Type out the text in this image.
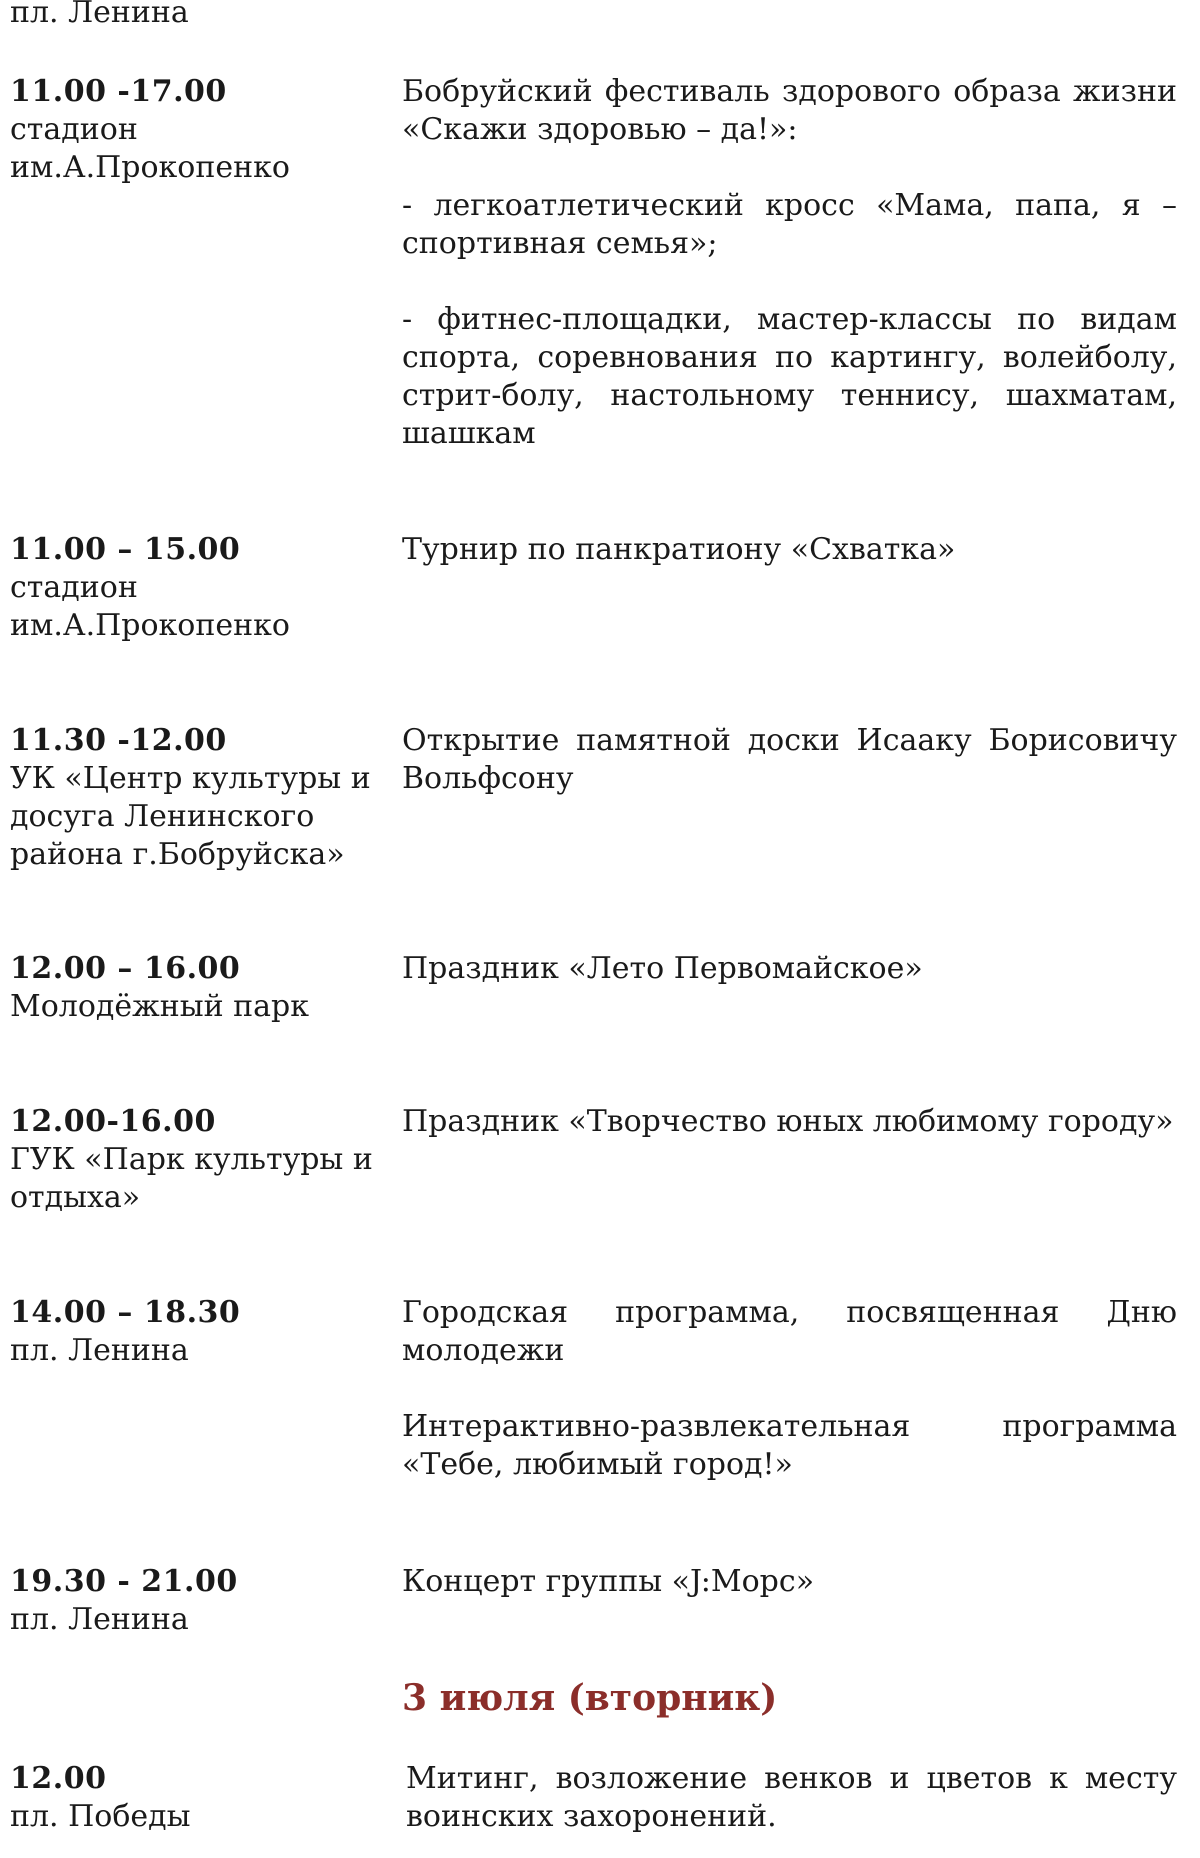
пл. Ленина
11.00 -17.00
стадион им.А.Прокопенко

Бобруйский фестиваль здорового образа жизни «Скажи здоровью – да!»:

- легкоатлетический кросс «Мама, папа, я – спортивная семья»;

- фитнес-площадки, мастер-классы по видам спорта, соревнования по картингу, волейболу, стрит-болу, настольному теннису, шахматам, шашкам

11.00 – 15.00
стадион им.А.Прокопенко

Турнир по панкратиону «Схватка»

11.30 -12.00
УК «Центр культуры и досуга Ленинского района г.Бобруйска»

Открытие памятной доски Исааку Борисовичу Вольфсону

12.00 – 16.00
Молодёжный парк

Праздник «Лето Первомайское»

12.00-16.00
ГУК «Парк культуры и отдыха»

Праздник «Творчество юных любимому городу»

14.00 – 18.30
пл. Ленина

Городская программа, посвященная Дню молодежи

Интерактивно-развлекательная программа «Тебе, любимый город!»

19.30 - 21.00
пл. Ленина

Концерт группы «J:Морс»

3 июля (вторник)
12.00
пл. Победы

Митинг, возложение венков и цветов к месту воинских захоронений.
